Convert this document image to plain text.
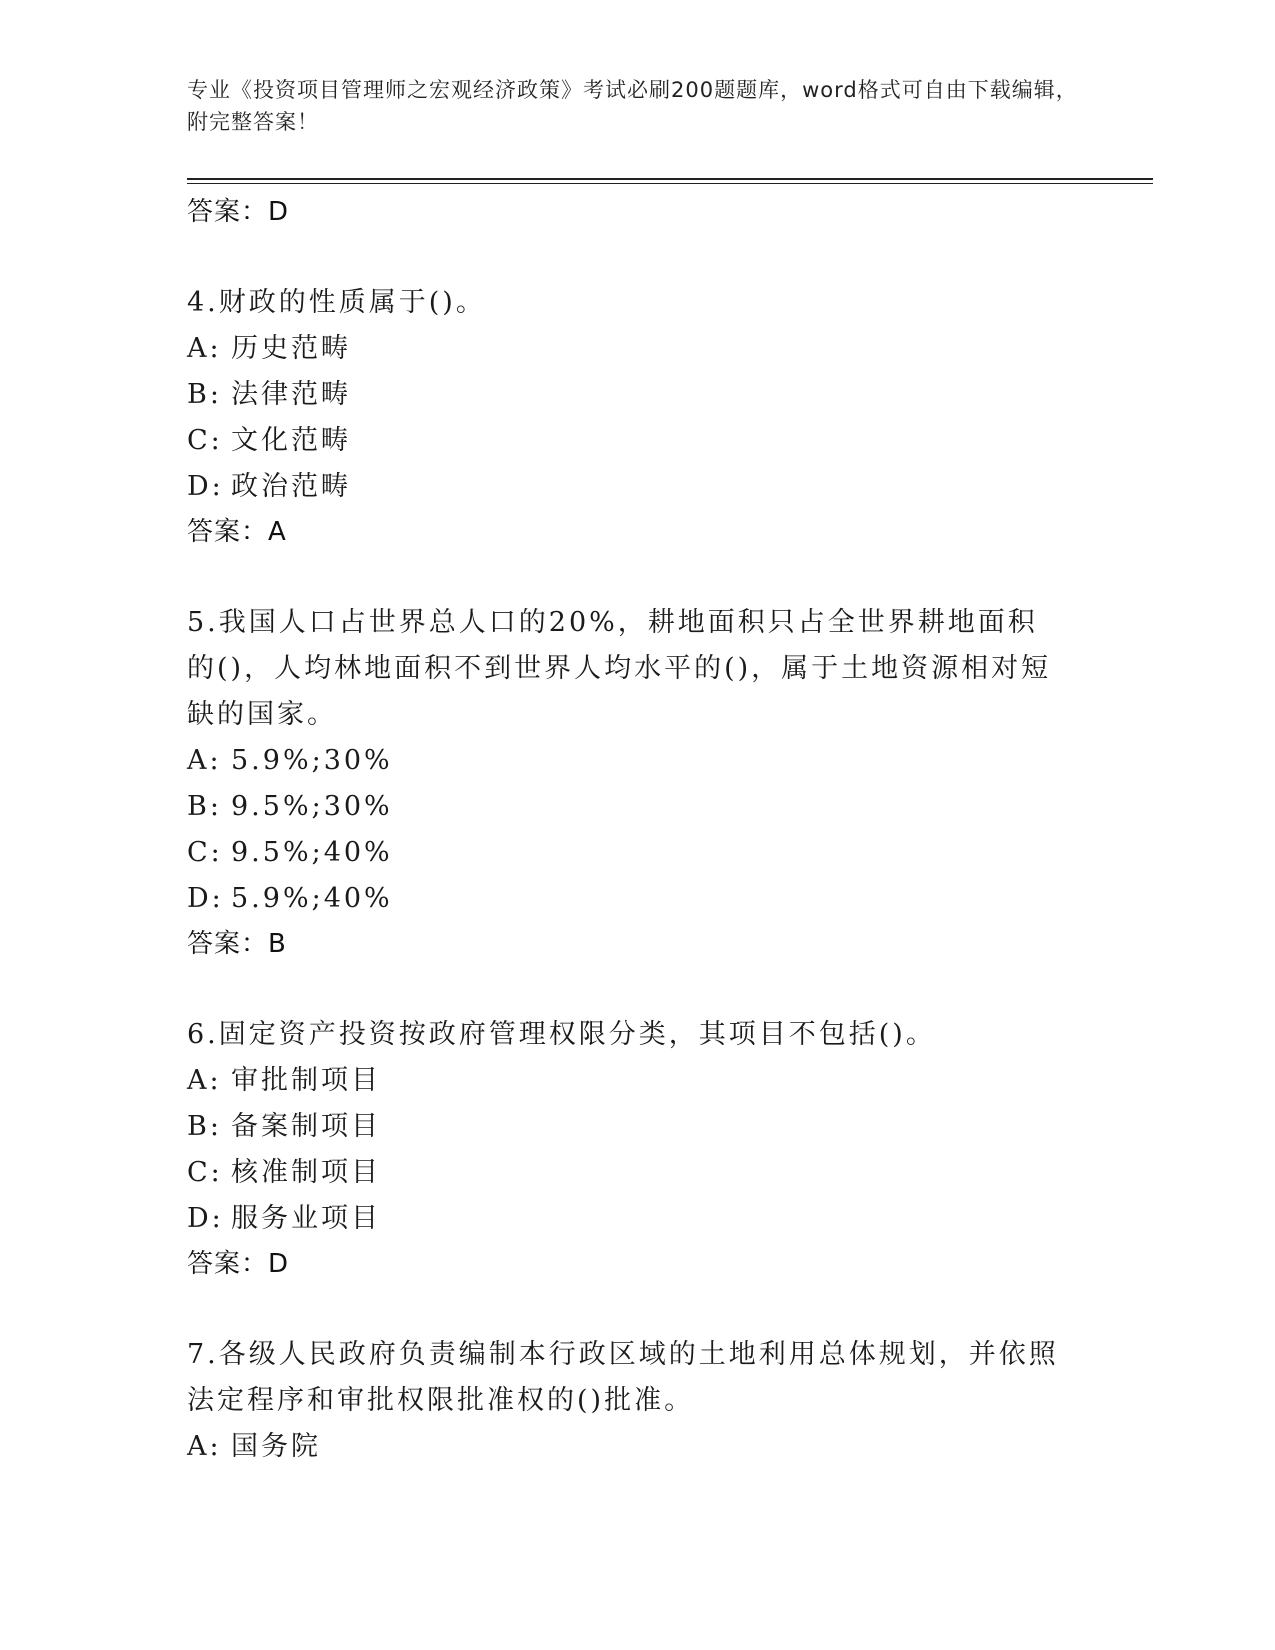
专业《投资项目管理师之宏观经济政策》考试必刷200题题库，word格式可自由下载编辑，附完整答案！

答案：D

4.财政的性质属于()。

A: 历史范畴

B: 法律范畴

C: 文化范畴

D: 政治范畴

答案：A

5.我国人口占世界总人口的20%，耕地面积只占全世界耕地面积的()，人均林地面积不到世界人均水平的()，属于土地资源相对短缺的国家。

A: 5.9%;30%

B: 9.5%;30%

C: 9.5%;40%

D: 5.9%;40%

答案：B

6.固定资产投资按政府管理权限分类，其项目不包括()。

A: 审批制项目

B: 备案制项目

C: 核准制项目

D: 服务业项目

答案：D

7.各级人民政府负责编制本行政区域的土地利用总体规划，并依照法定程序和审批权限批准权的()批准。

A: 国务院
